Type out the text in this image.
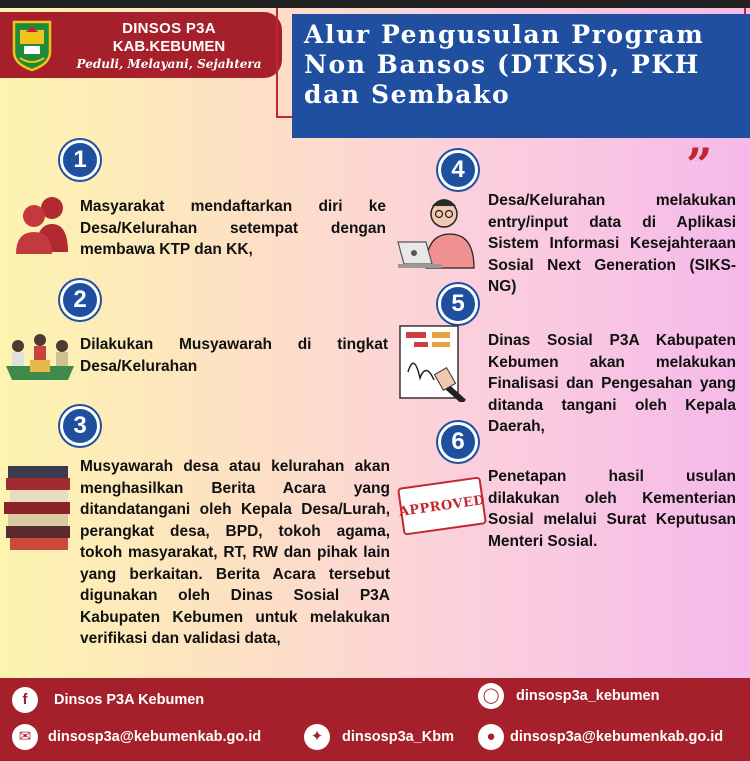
DINSOS P3A
KAB.KEBUMEN
Peduli, Melayani, Sejahtera
Alur Pengusulan Program
Non Bansos (DTKS), PKH
dan Sembako
”
1
Masyarakat mendaftarkan diri ke Desa/Kelurahan setempat dengan membawa KTP dan KK,
2
Dilakukan Musyawarah di tingkat Desa/Kelurahan
3
Musyawarah desa atau kelurahan akan menghasilkan Berita Acara yang ditandatangani oleh Kepala Desa/Lurah, perangkat desa, BPD, tokoh agama, tokoh masyarakat, RT, RW dan pihak lain yang berkaitan. Berita Acara tersebut digunakan oleh Dinas Sosial P3A Kabupaten Kebumen untuk melakukan verifikasi dan validasi data,
4
Desa/Kelurahan melakukan entry/input data di Aplikasi Sistem Informasi Kesejahteraan Sosial Next Generation (SIKS-NG)
5
Dinas Sosial P3A Kabupaten Kebumen akan melakukan Finalisasi dan Pengesahan yang ditanda tangani oleh Kepala Daerah,
6
APPROVED
Penetapan hasil usulan dilakukan oleh Kementerian Sosial melalui Surat Keputusan Menteri Sosial.
f	Dinsos P3A Kebumen	◯	dinsosp3a_kebumen
✉	dinsosp3a@kebumenkab.go.id	✦	dinsosp3a_Kbm	● dinsosp3a@kebumenkab.go.id
